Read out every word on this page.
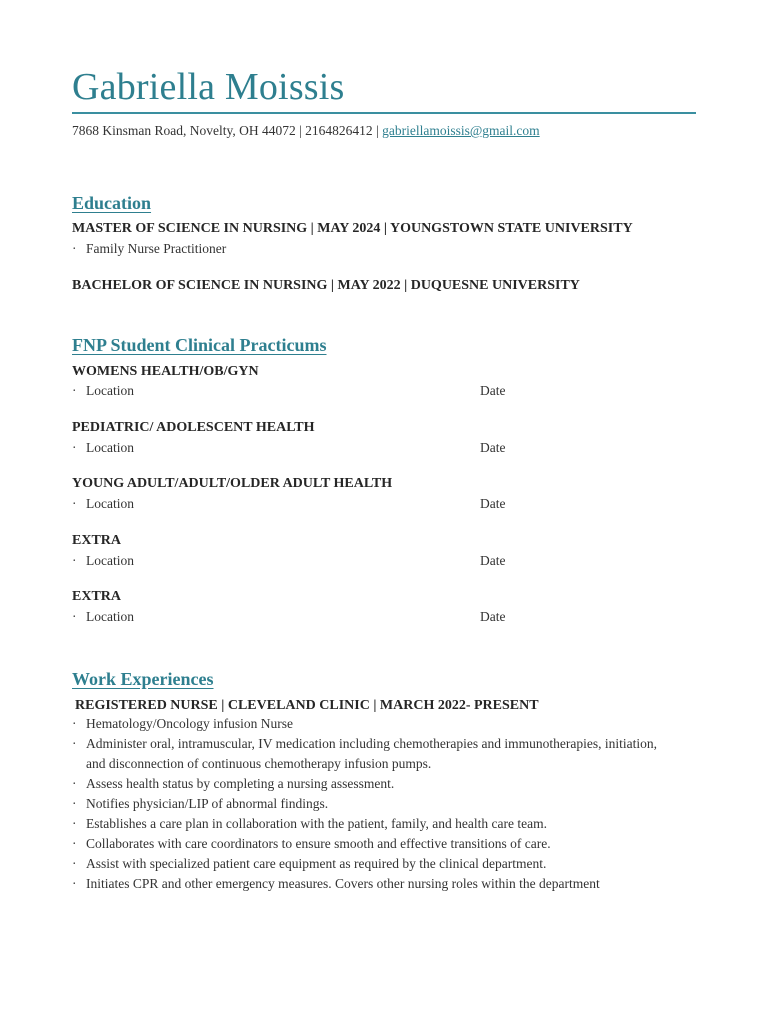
Gabriella Moissis
7868 Kinsman Road, Novelty, OH 44072 | 2164826412 | gabriellamoissis@gmail.com
Education
MASTER OF SCIENCE IN NURSING | MAY 2024 | YOUNGSTOWN STATE UNIVERSITY
· Family Nurse Practitioner
BACHELOR OF SCIENCE IN NURSING | MAY 2022 | DUQUESNE UNIVERSITY
FNP Student Clinical Practicums
WOMENS HEALTH/OB/GYN
· Location	Date
PEDIATRIC/ ADOLESCENT HEALTH
· Location	Date
YOUNG ADULT/ADULT/OLDER ADULT HEALTH
· Location	Date
EXTRA
· Location	Date
EXTRA
· Location	Date
Work Experiences
REGISTERED NURSE | CLEVELAND CLINIC | MARCH 2022- PRESENT
· Hematology/Oncology infusion Nurse
· Administer oral, intramuscular, IV medication including chemotherapies and immunotherapies, initiation, and disconnection of continuous chemotherapy infusion pumps.
· Assess health status by completing a nursing assessment.
· Notifies physician/LIP of abnormal findings.
· Establishes a care plan in collaboration with the patient, family, and health care team.
· Collaborates with care coordinators to ensure smooth and effective transitions of care.
· Assist with specialized patient care equipment as required by the clinical department.
· Initiates CPR and other emergency measures. Covers other nursing roles within the department
